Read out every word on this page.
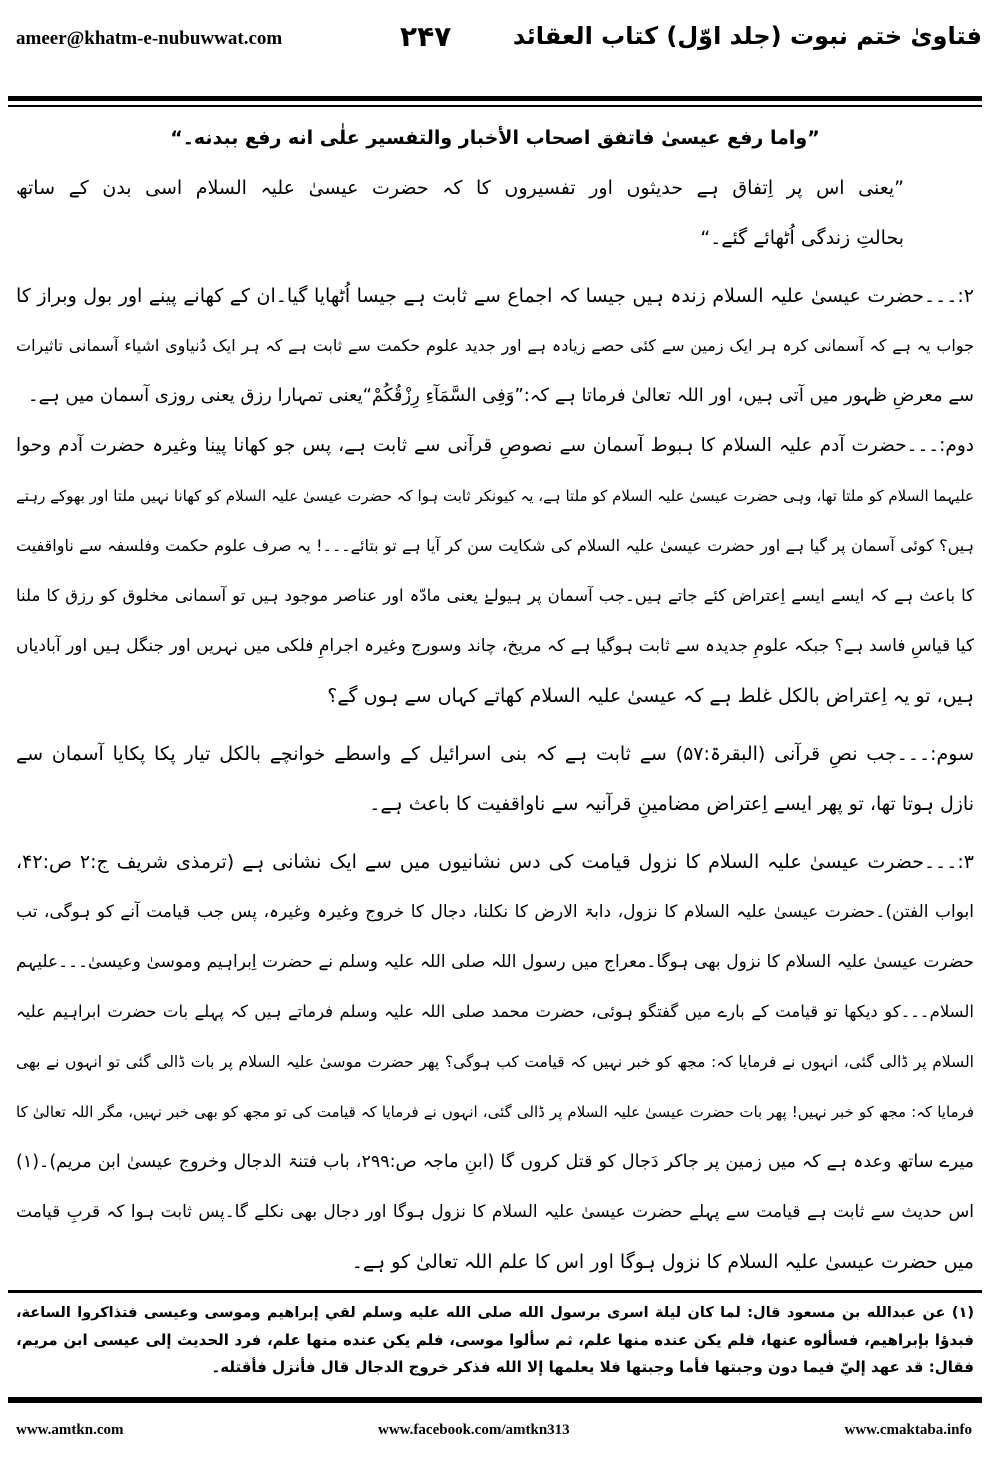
فتاویٰ ختم نبوت (جلد اوّل) کتاب العقائد
۲۴۷
ameer@khatm-e-nubuwwat.com
”واما رفع عیسیٰ فاتفق اصحاب الأخبار والتفسیر علٰی انه رفع ببدنه۔“
”یعنی اس پر اِتفاق ہے حدیثوں اور تفسیروں کا کہ حضرت عیسیٰ علیہ السلام اسی بدن کے ساتھ
بحالتِ زندگی اُٹھائے گئے۔“
۲:۔۔۔حضرت عیسیٰ علیہ السلام زندہ ہیں جیسا کہ اجماع سے ثابت ہے جیسا اُٹھایا گیا۔ان کے کھانے پینے اور بول وبراز کا
جواب یہ ہے کہ آسمانی کرہ ہر ایک زمین سے کئی حصے زیادہ ہے اور جدید علوم حکمت سے ثابت ہے کہ ہر ایک دُنیاوی اشیاء آسمانی تاثیرات
سے معرضِ ظہور میں آتی ہیں، اور اللہ تعالیٰ فرماتا ہے کہ:”وَفِی السَّمَآءِ رِزْقُکُمْ“یعنی تمہارا رزق یعنی روزی آسمان میں ہے۔
دوم:۔۔۔حضرت آدم علیہ السلام کا ہبوط آسمان سے نصوصِ قرآنی سے ثابت ہے، پس جو کھانا پینا وغیرہ حضرت آدم وحوا
علیہما السلام کو ملتا تھا، وہی حضرت عیسیٰ علیہ السلام کو ملتا ہے، یہ کیونکر ثابت ہوا کہ حضرت عیسیٰ علیہ السلام کو کھانا نہیں ملتا اور بھوکے رہتے
ہیں؟ کوئی آسمان پر گیا ہے اور حضرت عیسیٰ علیہ السلام کی شکایت سن کر آیا ہے تو بتائے۔۔۔! یہ صرف علوم حکمت وفلسفہ سے ناواقفیت
کا باعث ہے کہ ایسے ایسے اِعتراض کئے جاتے ہیں۔جب آسمان پر ہیولےٰ یعنی مادّہ اور عناصر موجود ہیں تو آسمانی مخلوق کو رزق کا ملنا
کیا قیاسِ فاسد ہے؟ جبکہ علومِ جدیدہ سے ثابت ہوگیا ہے کہ مریخ، چاند وسورج وغیرہ اجرامِ فلکی میں نہریں اور جنگل ہیں اور آبادیاں
ہیں، تو یہ اِعتراض بالکل غلط ہے کہ عیسیٰ علیہ السلام کھاتے کہاں سے ہوں گے؟
سوم:۔۔۔جب نصِ قرآنی (البقرۃ:۵۷) سے ثابت ہے کہ بنی اسرائیل کے واسطے خوانچے بالکل تیار پکا پکایا آسمان سے
نازل ہوتا تھا، تو پھر ایسے اِعتراض مضامینِ قرآنیہ سے ناواقفیت کا باعث ہے۔
۳:۔۔۔حضرت عیسیٰ علیہ السلام کا نزول قیامت کی دس نشانیوں میں سے ایک نشانی ہے (ترمذی شریف ج:۲ ص:۴۲،
ابواب الفتن)۔حضرت عیسیٰ علیہ السلام کا نزول، دابۃ الارض کا نکلنا، دجال کا خروج وغیرہ وغیرہ، پس جب قیامت آنے کو ہوگی، تب
حضرت عیسیٰ علیہ السلام کا نزول بھی ہوگا۔معراج میں رسول اللہ صلی اللہ علیہ وسلم نے حضرت اِبراہیم وموسیٰ وعیسیٰ۔۔۔علیہم
السلام۔۔۔کو دیکھا تو قیامت کے بارے میں گفتگو ہوئی، حضرت محمد صلی اللہ علیہ وسلم فرماتے ہیں کہ پہلے بات حضرت ابراہیم علیہ
السلام پر ڈالی گئی، انہوں نے فرمایا کہ: مجھ کو خبر نہیں کہ قیامت کب ہوگی؟ پھر حضرت موسیٰ علیہ السلام پر بات ڈالی گئی تو انہوں نے بھی
فرمایا کہ: مجھ کو خبر نہیں! پھر بات حضرت عیسیٰ علیہ السلام پر ڈالی گئی، انہوں نے فرمایا کہ قیامت کی تو مجھ کو بھی خبر نہیں، مگر اللہ تعالیٰ کا
میرے ساتھ وعدہ ہے کہ میں زمین پر جاکر دَجال کو قتل کروں گا (ابنِ ماجہ ص:۲۹۹، باب فتنۃ الدجال وخروج عیسیٰ ابن مریم)۔(۱)
اس حدیث سے ثابت ہے قیامت سے پہلے حضرت عیسیٰ علیہ السلام کا نزول ہوگا اور دجال بھی نکلے گا۔پس ثابت ہوا کہ قربِ قیامت
میں حضرت عیسیٰ علیہ السلام کا نزول ہوگا اور اس کا علم اللہ تعالیٰ کو ہے۔
(۱) عن عبدالله بن مسعود قال: لما كان ليلة اسرى برسول الله صلى الله عليه وسلم لقي إبراهيم وموسى وعيسى فتذاكروا الساعة،
فبدؤا بإبراهيم، فسألوه عنها، فلم يكن عنده منها علم، ثم سألوا موسى، فلم يكن عنده منها علم، فرد الحديث إلى عيسى ابن مريم،
فقال: قد عهد إليّ فيما دون وجبتها فأما وجبتها فلا يعلمها إلا الله فذكر خروج الدجال قال فأنزل فأقتله۔
www.amtkn.com	www.facebook.com/amtkn313	www.cmaktaba.info
